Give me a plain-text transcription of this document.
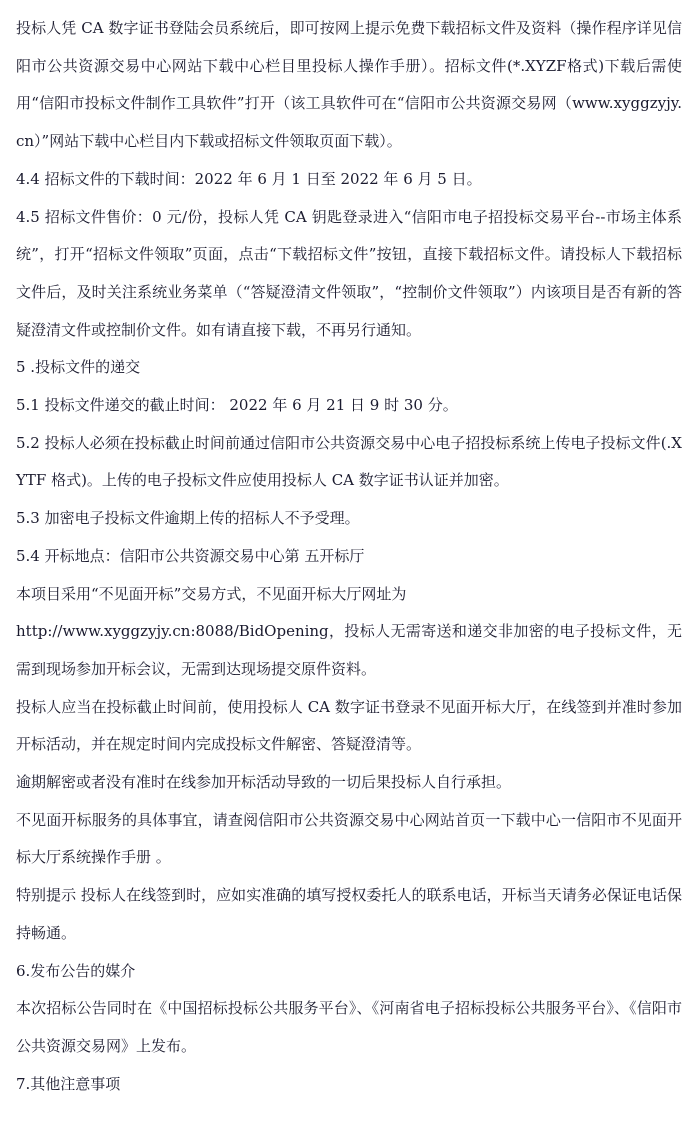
投标人凭 CA 数字证书登陆会员系统后，即可按网上提示免费下载招标文件及资料（操作程序详见信阳市公共资源交易中心网站下载中心栏目里投标人操作手册）。招标文件(*.XYZF格式)下载后需使用“信阳市投标文件制作工具软件”打开（该工具软件可在“信阳市公共资源交易网（www.xyggzyjy.cn）”网站下载中心栏目内下载或招标文件领取页面下载）。

4.4 招标文件的下载时间：2022 年 6 月 1 日至 2022 年 6 月 5 日。

4.5 招标文件售价：0 元/份，投标人凭 CA 钥匙登录进入“信阳市电子招投标交易平台--市场主体系统”，打开“招标文件领取”页面，点击“下载招标文件”按钮，直接下载招标文件。请投标人下载招标文件后，及时关注系统业务菜单（“答疑澄清文件领取”，“控制价文件领取”）内该项目是否有新的答疑澄清文件或控制价文件。如有请直接下载，不再另行通知。

5 .投标文件的递交

5.1 投标文件递交的截止时间： 2022 年 6 月 21 日 9 时 30 分。

5.2 投标人必须在投标截止时间前通过信阳市公共资源交易中心电子招投标系统上传电子投标文件(.XYTF 格式)。上传的电子投标文件应使用投标人 CA 数字证书认证并加密。

5.3 加密电子投标文件逾期上传的招标人不予受理。

5.4 开标地点：信阳市公共资源交易中心第 五开标厅

本项目采用“不见面开标”交易方式，不见面开标大厅网址为

http://www.xyggzyjy.cn:8088/BidOpening，投标人无需寄送和递交非加密的电子投标文件，无需到现场参加开标会议，无需到达现场提交原件资料。

投标人应当在投标截止时间前，使用投标人 CA 数字证书登录不见面开标大厅，在线签到并准时参加开标活动，并在规定时间内完成投标文件解密、答疑澄清等。

逾期解密或者没有准时在线参加开标活动导致的一切后果投标人自行承担。

不见面开标服务的具体事宜，请查阅信阳市公共资源交易中心网站首页一下载中心一信阳市不见面开标大厅系统操作手册 。

特别提示 投标人在线签到时，应如实准确的填写授权委托人的联系电话，开标当天请务必保证电话保持畅通。

6.发布公告的媒介

本次招标公告同时在《中国招标投标公共服务平台》、《河南省电子招标投标公共服务平台》、《信阳市公共资源交易网》上发布。

7.其他注意事项
